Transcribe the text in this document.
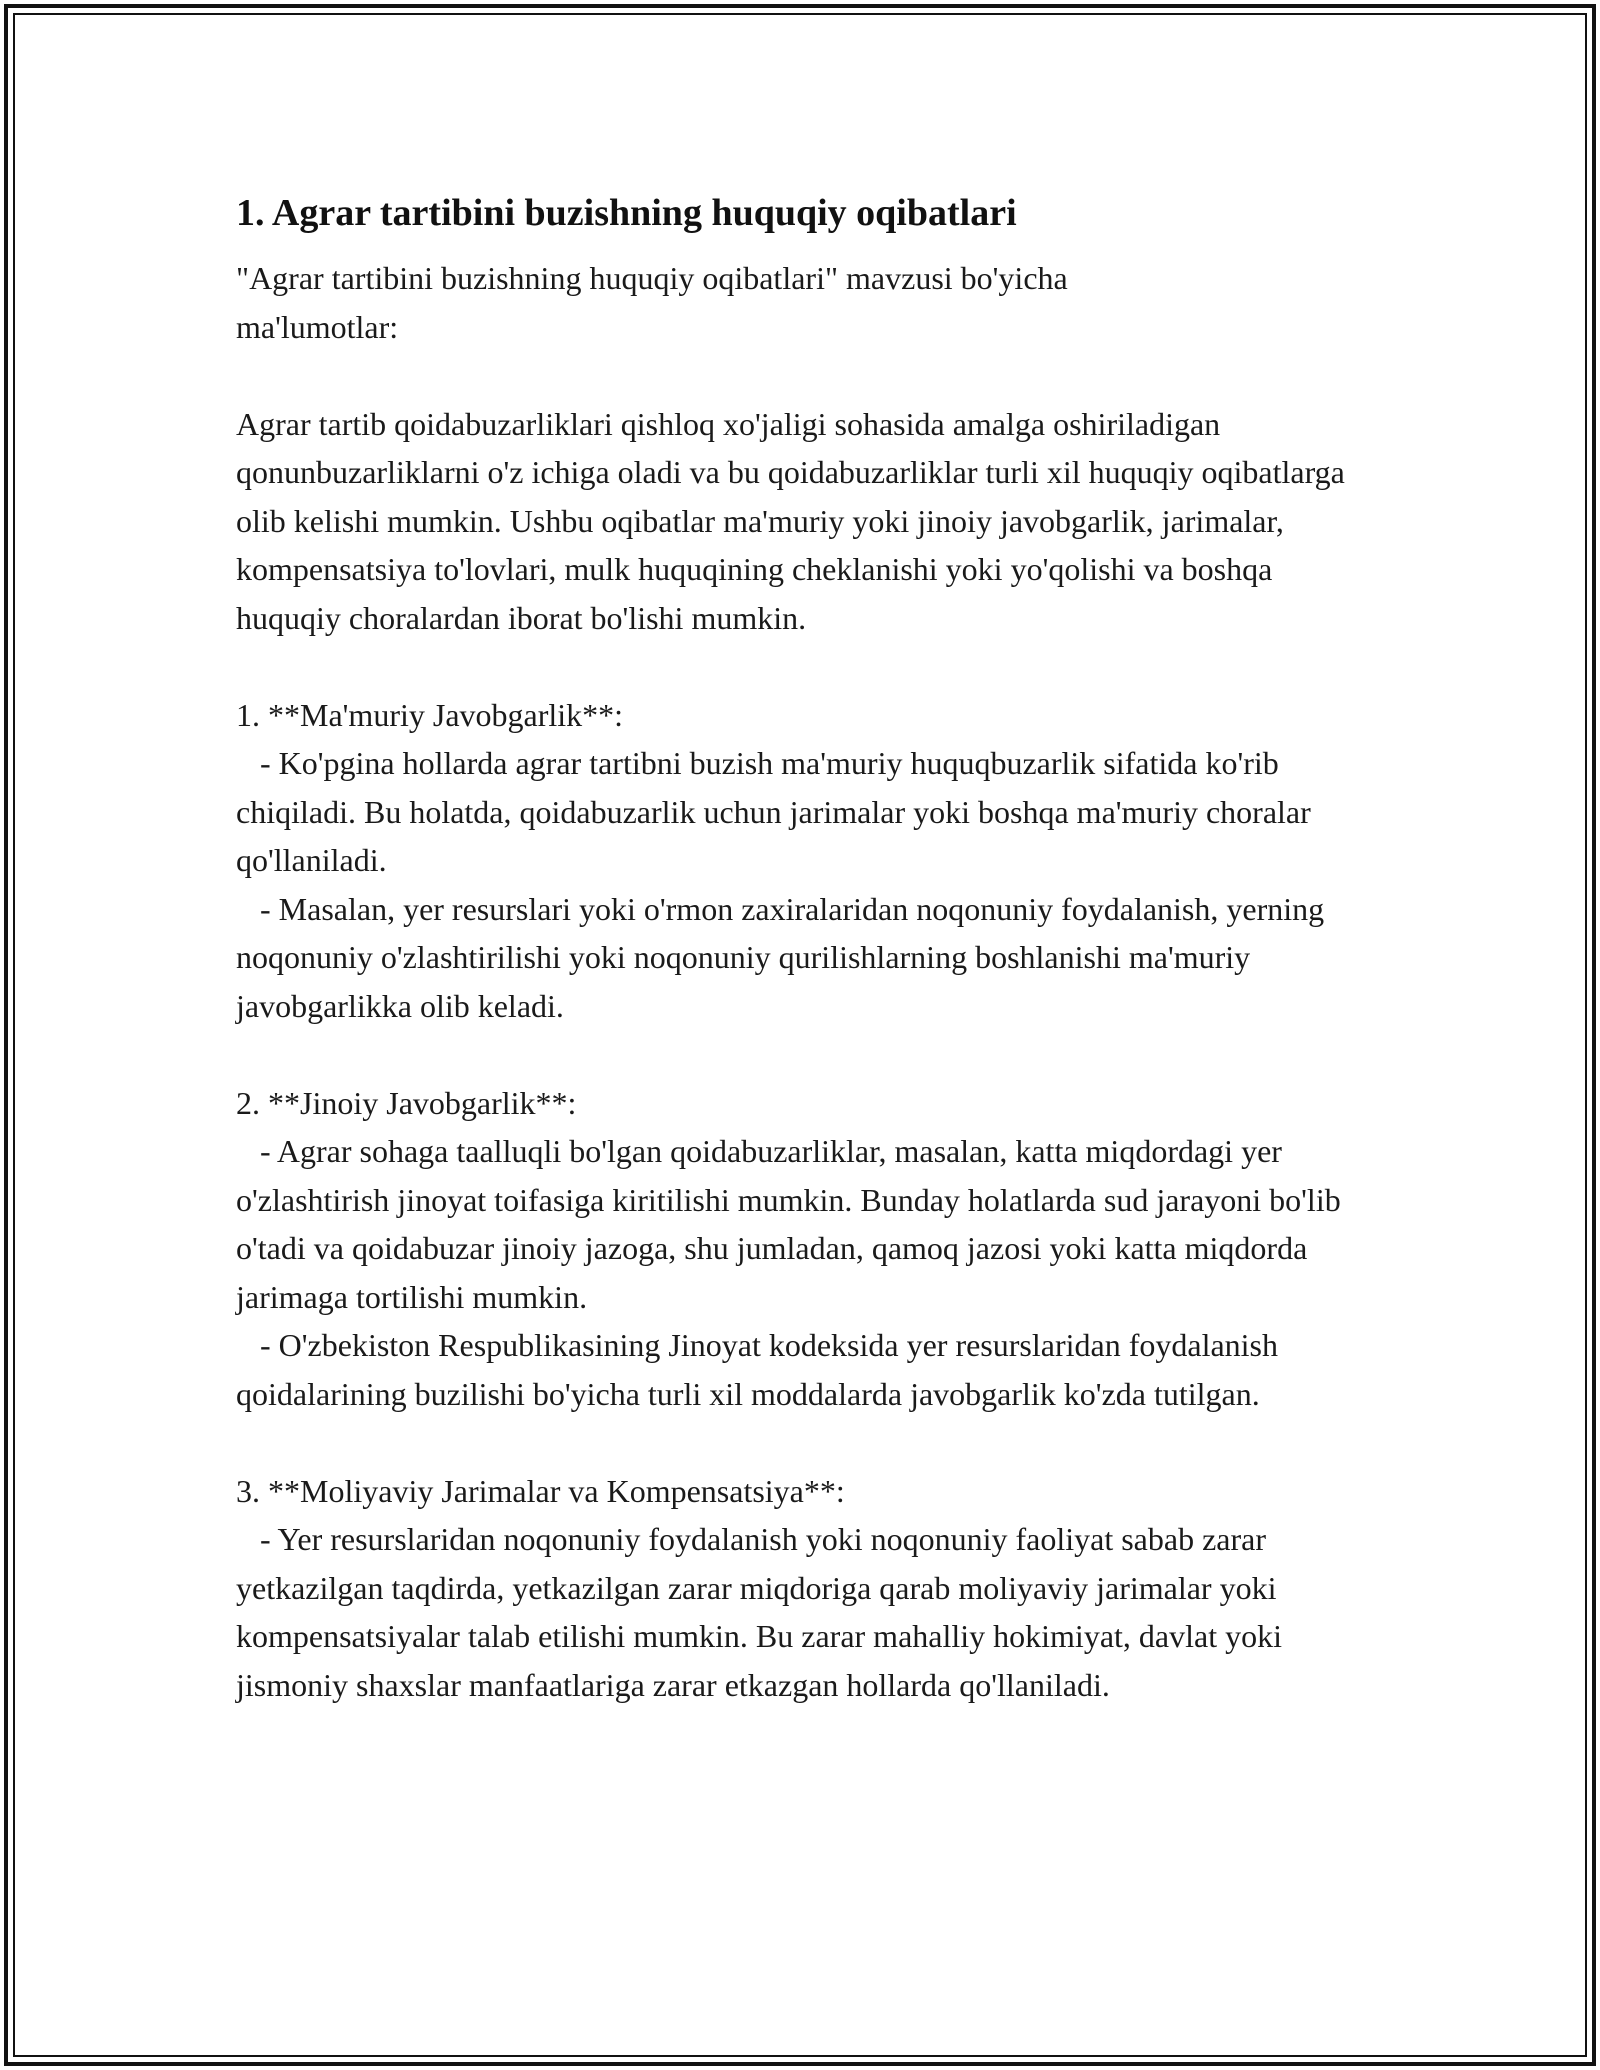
1. Agrar tartibini buzishning huquqiy oqibatlari

"Agrar tartibini buzishning huquqiy oqibatlari" mavzusi bo'yicha ma'lumotlar:

Agrar tartib qoidabuzarliklari qishloq xo'jaligi sohasida amalga oshiriladigan qonunbuzarliklarni o'z ichiga oladi va bu qoidabuzarliklar turli xil huquqiy oqibatlarga olib kelishi mumkin. Ushbu oqibatlar ma'muriy yoki jinoiy javobgarlik, jarimalar, kompensatsiya to'lovlari, mulk huquqining cheklanishi yoki yo'qolishi va boshqa huquqiy choralardan iborat bo'lishi mumkin.

1. **Ma'muriy Javobgarlik**:

- Ko'pgina hollarda agrar tartibni buzish ma'muriy huquqbuzarlik sifatida ko'rib chiqiladi. Bu holatda, qoidabuzarlik uchun jarimalar yoki boshqa ma'muriy choralar qo'llaniladi.

- Masalan, yer resurslari yoki o'rmon zaxiralaridan noqonuniy foydalanish, yerning noqonuniy o'zlashtirilishi yoki noqonuniy qurilishlarning boshlanishi ma'muriy javobgarlikka olib keladi.

2. **Jinoiy Javobgarlik**:

- Agrar sohaga taalluqli bo'lgan qoidabuzarliklar, masalan, katta miqdordagi yer o'zlashtirish jinoyat toifasiga kiritilishi mumkin. Bunday holatlarda sud jarayoni bo'lib o'tadi va qoidabuzar jinoiy jazoga, shu jumladan, qamoq jazosi yoki katta miqdorda jarimaga tortilishi mumkin.

- O'zbekiston Respublikasining Jinoyat kodeksida yer resurslaridan foydalanish qoidalarining buzilishi bo'yicha turli xil moddalarda javobgarlik ko'zda tutilgan.

3. **Moliyaviy Jarimalar va Kompensatsiya**:

- Yer resurslaridan noqonuniy foydalanish yoki noqonuniy faoliyat sabab zarar yetkazilgan taqdirda, yetkazilgan zarar miqdoriga qarab moliyaviy jarimalar yoki kompensatsiyalar talab etilishi mumkin. Bu zarar mahalliy hokimiyat, davlat yoki jismoniy shaxslar manfaatlariga zarar etkazgan hollarda qo'llaniladi.
